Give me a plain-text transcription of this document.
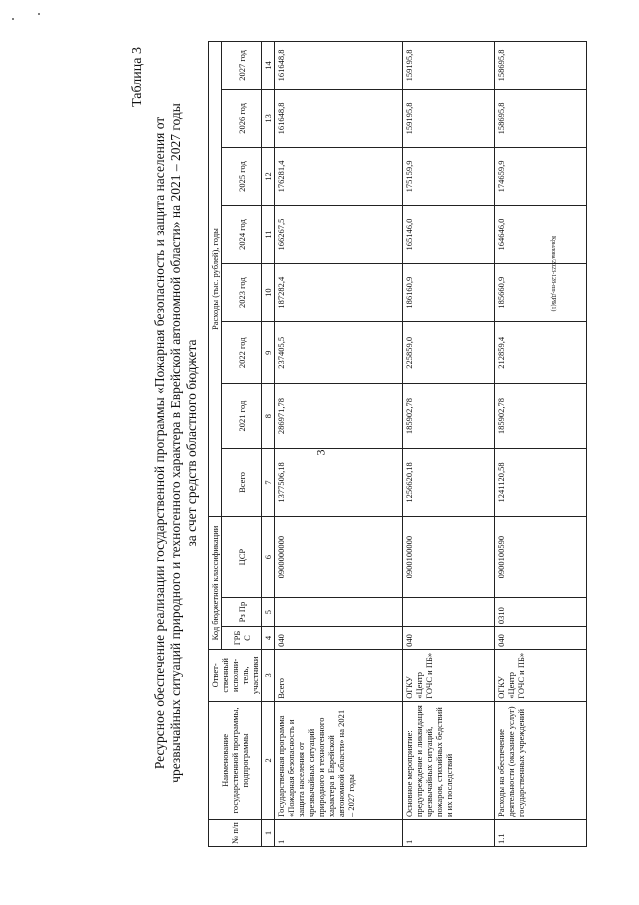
3
Таблица 3
Ресурсное обеспечение реализации государственной программы «Пожарная безопасность и защита населения от чрезвычайных ситуаций природного и техногенного характера в Еврейской автономной области» на 2021 – 2027 годы за счет средств областного бюджета
№ п/п	Наименование государственной программы, подпрограммы	Ответ-ственный исполни-тель, участники	Код бюджетной классификации			Расходы (тыс. рублей), годы							
			ГРБ С	Рз Пр	ЦСР	Всего	2021 год	2022 год	2023 год	2024 год	2025 год	2026 год	2027 год

1	2	3	4	5	6	7	8	9	10	11	12	13	14
1	Государственная программа «Пожарная безопасность и защита населения от чрезвычайных ситуаций природного и техногенного характера в Еврейской автономной области» на 2021 – 2027 годы	Всего	040		0900000000	1377506,18	286971,78	237405,5	187282,4	166267,5	176281,4	161648,8	161648,8
1	Основное мероприятие: предупреждение и ликвидация чрезвычайных ситуаций, пожаров, стихийных бедствий и их последствий	ОГКУ «Центр ГОЧС и ПБ»	040		0900100000	1256620,18	185902,78	225859,0	186160,9	165146,0	175159,9	159195,8	159195,8
1.1	Расходы на обеспечение деятельности (оказание услуг) государственных учреждений	ОГКУ «Центр ГОЧС и ПБ»	040	0310	0900100590	1241120,58	185902,78	212859,4	185660,9	164646,0	174659,9	158695,8	158695,8
Крылова/2023-128-пп-ДРБ(1)
